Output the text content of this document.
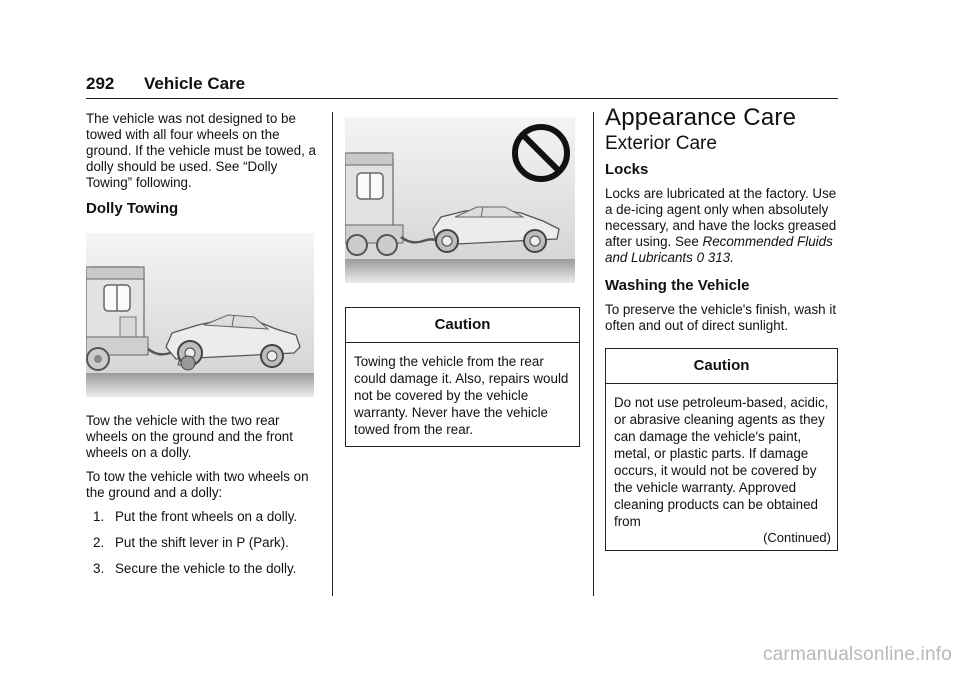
292 Vehicle Care

The vehicle was not designed to be towed with all four wheels on the ground. If the vehicle must be towed, a dolly should be used. See “Dolly Towing” following.

Dolly Towing

Tow the vehicle with the two rear wheels on the ground and the front wheels on a dolly.

To tow the vehicle with two wheels on the ground and a dolly:

1. Put the front wheels on a dolly.
2. Put the shift lever in P (Park).
3. Secure the vehicle to the dolly.
Caution
Towing the vehicle from the rear could damage it. Also, repairs would not be covered by the vehicle warranty. Never have the vehicle towed from the rear.
Appearance Care
Exterior Care
Locks

Locks are lubricated at the factory. Use a de-icing agent only when absolutely necessary, and have the locks greased after using. See Recommended Fluids and Lubricants 0 313.

Washing the Vehicle

To preserve the vehicle's finish, wash it often and out of direct sunlight.

Caution
Do not use petroleum-based, acidic, or abrasive cleaning agents as they can damage the vehicle's paint, metal, or plastic parts. If damage occurs, it would not be covered by the vehicle warranty. Approved cleaning products can be obtained from
(Continued)
carmanualsonline.info
